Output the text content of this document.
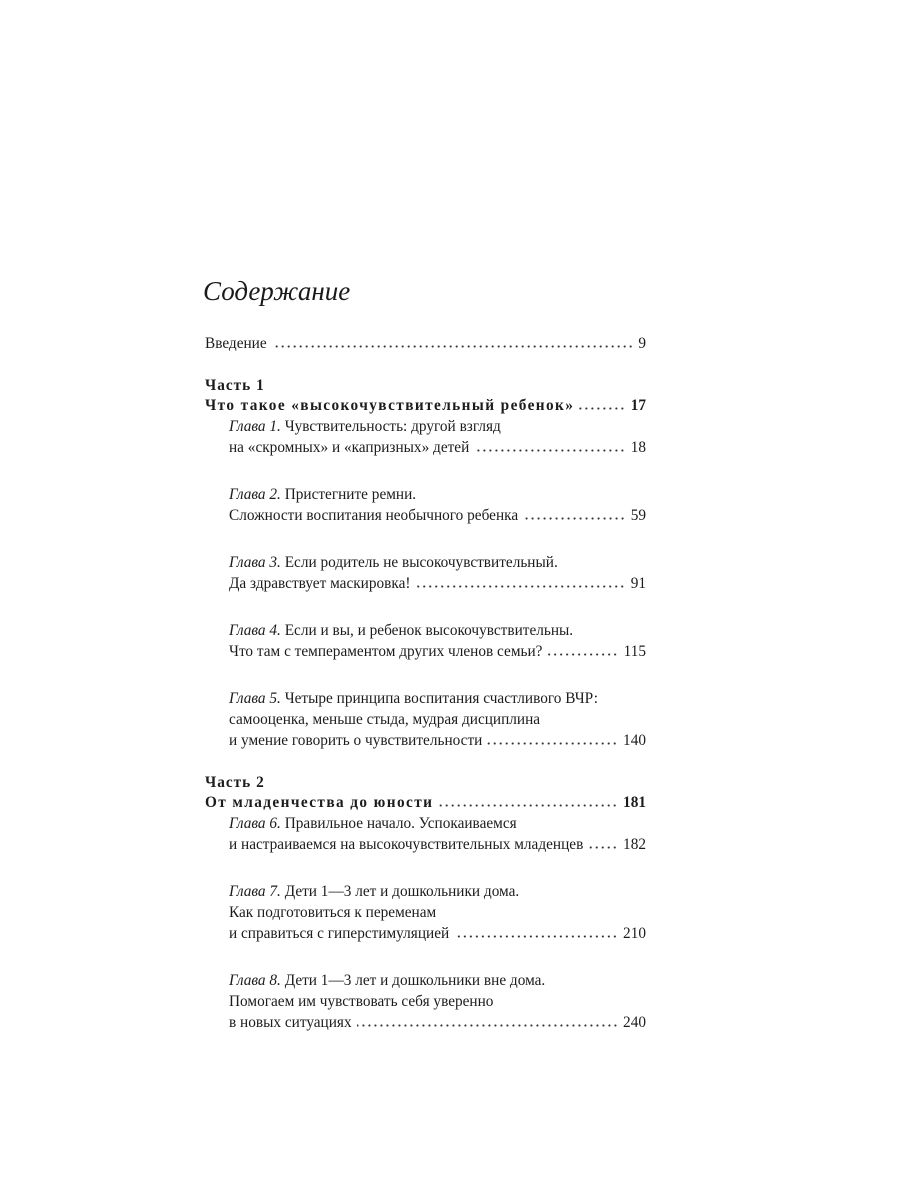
Содержание
Введение	9
Часть 1
Что такое «высокочувствительный ребенок»	17
Глава 1. Чувствительность: другой взгляд
на «скромных» и «капризных» детей	18
Глава 2. Пристегните ремни.
Сложности воспитания необычного ребенка	59
Глава 3. Если родитель не высокочувствительный.
Да здравствует маскировка!	91
Глава 4. Если и вы, и ребенок высокочувствительны.
Что там с темпераментом других членов семьи?	115
Глава 5. Четыре принципа воспитания счастливого ВЧР:
самооценка, меньше стыда, мудрая дисциплина
и умение говорить о чувствительности	140
Часть 2
От младенчества до юности	181
Глава 6. Правильное начало. Успокаиваемся
и настраиваемся на высокочувствительных младенцев	182
Глава 7. Дети 1—3 лет и дошкольники дома.
Как подготовиться к переменам
и справиться с гиперстимуляцией	210
Глава 8. Дети 1—3 лет и дошкольники вне дома.
Помогаем им чувствовать себя уверенно
в новых ситуациях	240
